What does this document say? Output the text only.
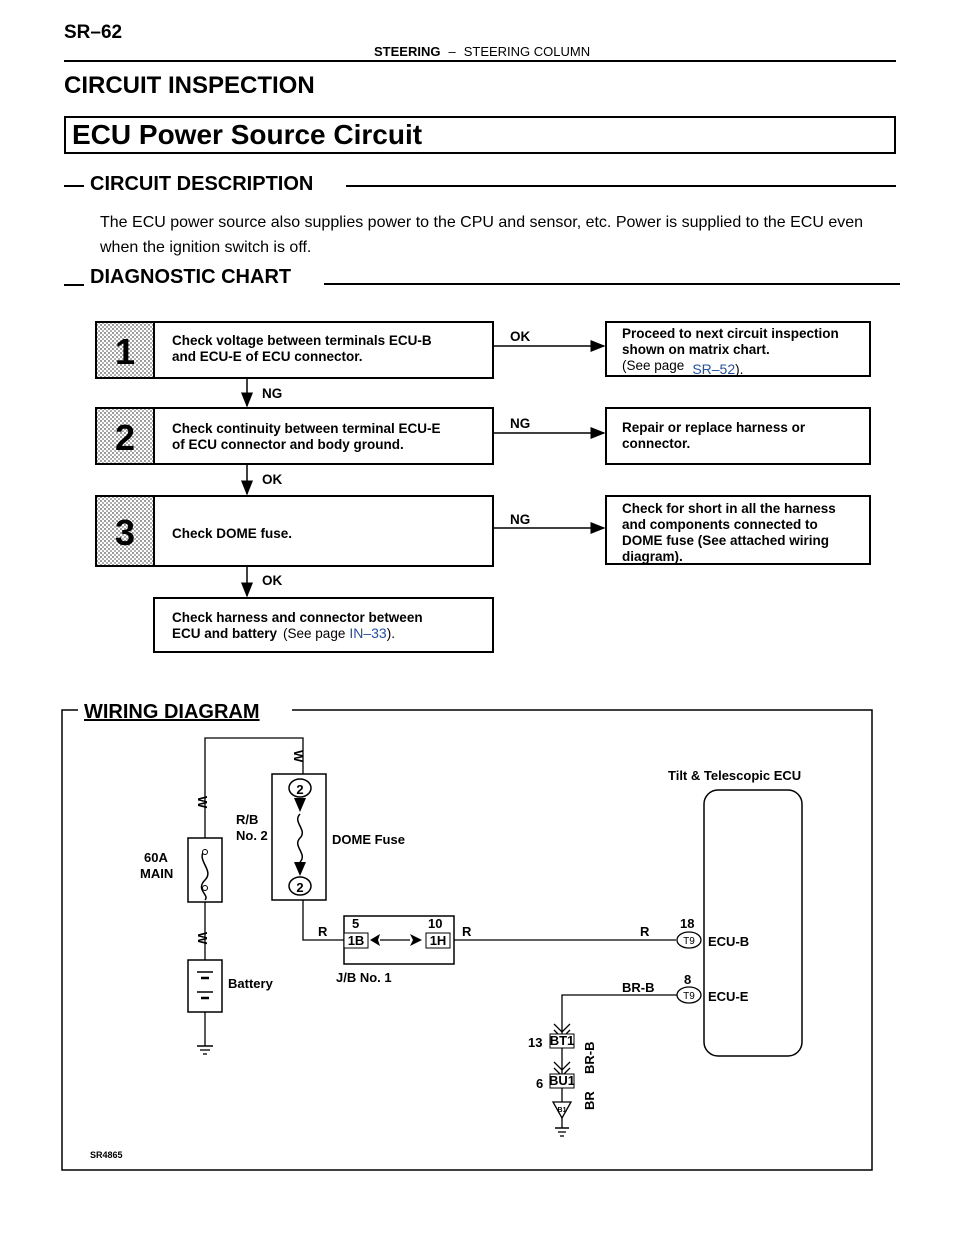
SR–62
STEERING – STEERING COLUMN
CIRCUIT INSPECTION
ECU Power Source Circuit
CIRCUIT DESCRIPTION
The ECU power source also supplies power to the CPU and sensor, etc. Power is supplied to the ECU even when the ignition switch is off.
DIAGNOSTIC CHART
1	Check voltage between terminals ECU-B
and ECU-E of ECU connector.
2	Check continuity between terminal ECU-E
of ECU connector and body ground.
3	Check DOME fuse.
Check harness and connector between
ECU and battery (See page IN–33).
Proceed to next circuit inspection
shown on matrix chart.
(See page SR–52).
Repair or replace harness or
connector.
Check for short in all the harness
and components connected to
DOME fuse (See attached wiring
diagram).
OK
NG
NG
NG
OK
OK
WIRING DIAGRAM
W
W
60A
MAIN
W
Battery
R/B
No. 2
2
2
DOME Fuse
R
5	10
1B	1H
J/B No. 1
R	R
Tilt & Telescopic ECU
18
T9 ECU-B
8
T9 ECU-E
BR-B
BT1
13
BU1
6
B1
BR-B
BR
SR4865
